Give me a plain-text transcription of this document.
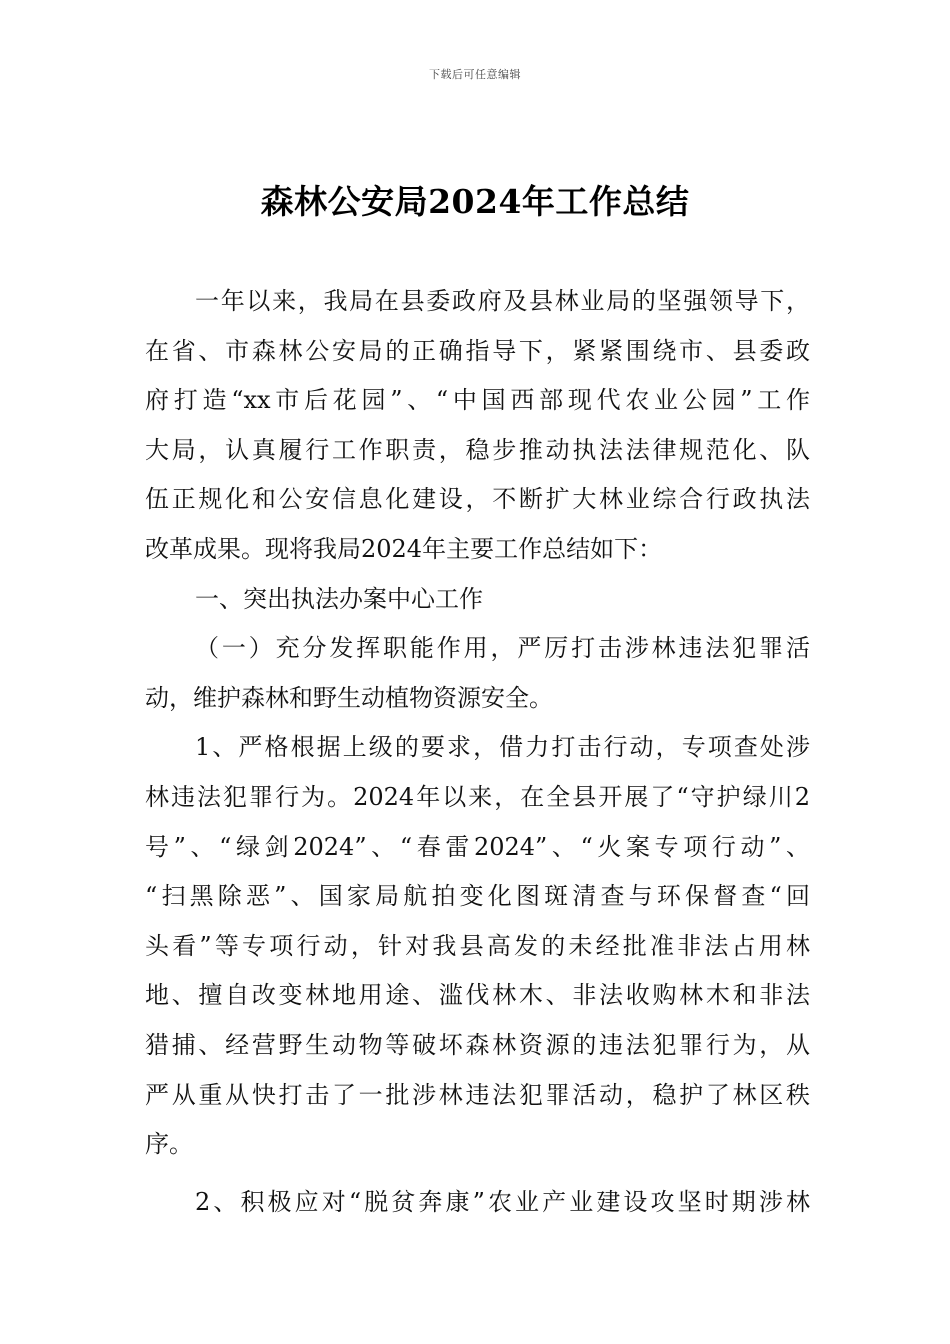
下载后可任意编辑
森林公安局2024年工作总结
一年以来，我局在县委政府及县林业局的坚强领导下，
在省、市森林公安局的正确指导下，紧紧围绕市、县委政
府打造“xx市后花园”、“中国西部现代农业公园”工作
大局，认真履行工作职责，稳步推动执法法律规范化、队
伍正规化和公安信息化建设，不断扩大林业综合行政执法
改革成果。现将我局2024年主要工作总结如下：
一、突出执法办案中心工作
（一）充分发挥职能作用，严厉打击涉林违法犯罪活
动，维护森林和野生动植物资源安全。
1、严格根据上级的要求，借力打击行动，专项查处涉
林违法犯罪行为。2024年以来，在全县开展了“守护绿川2
号”、“绿剑2024”、“春雷2024”、“火案专项行动”、
“扫黑除恶”、国家局航拍变化图斑清查与环保督查“回
头看”等专项行动，针对我县高发的未经批准非法占用林
地、擅自改变林地用途、滥伐林木、非法收购林木和非法
猎捕、经营野生动物等破坏森林资源的违法犯罪行为，从
严从重从快打击了一批涉林违法犯罪活动，稳护了林区秩
序。
2、积极应对“脱贫奔康”农业产业建设攻坚时期涉林
